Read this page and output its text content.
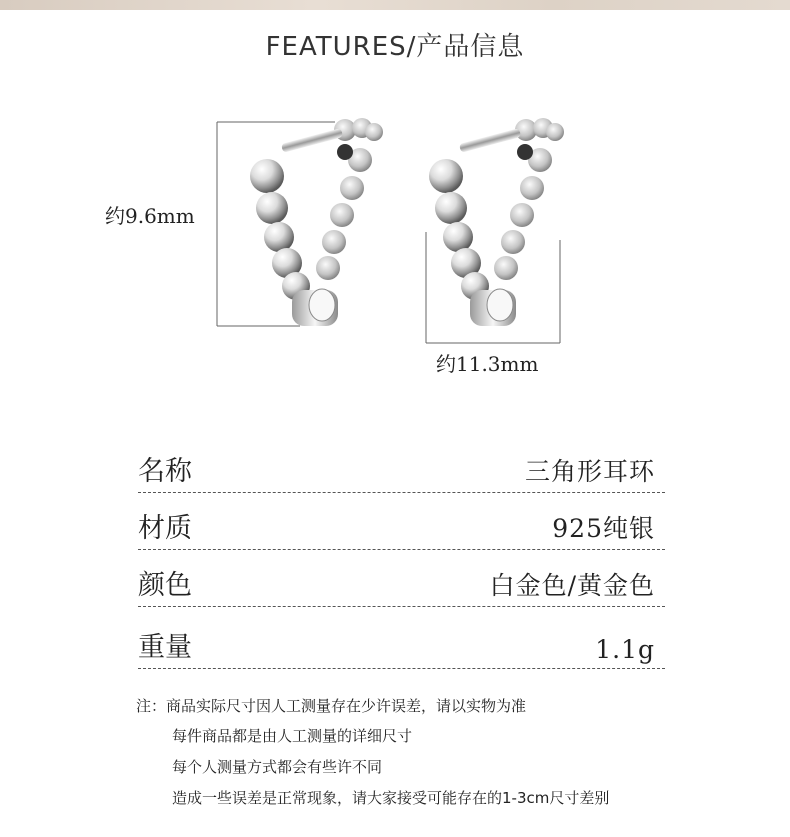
FEATURES/产品信息
约9.6mm
约11.3mm
名称	三角形耳环
材质	925纯银
颜色	白金色/黄金色
重量	1.1g
注：商品实际尺寸因人工测量存在少许误差，请以实物为准
每件商品都是由人工测量的详细尺寸
每个人测量方式都会有些许不同
造成一些误差是正常现象，请大家接受可能存在的1-3cm尺寸差别
